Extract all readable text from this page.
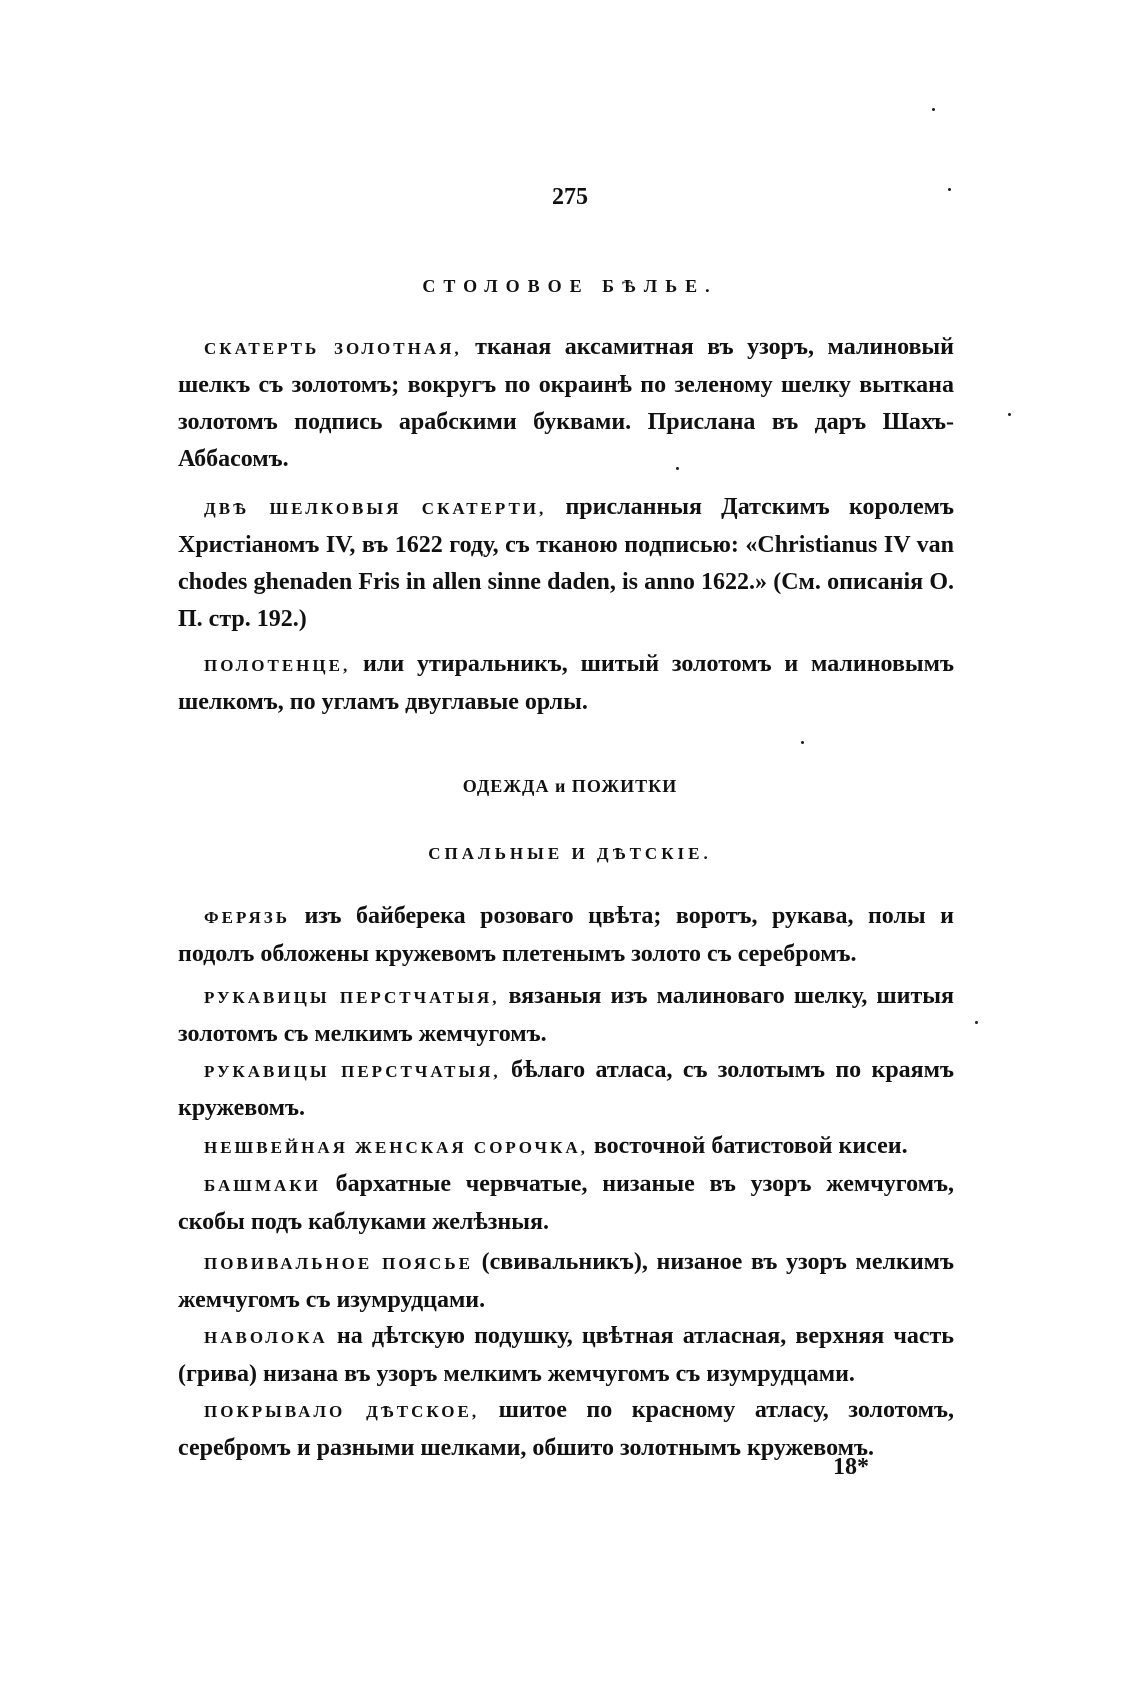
275
СТОЛОВОЕ БѢЛЬЕ.
СКАТЕРТЬ ЗОЛОТНАЯ, тканая аксамитная въ узоръ, малиновый шелкъ съ золотомъ; вокругъ по окраинѣ по зеленому шелку выткана золотомъ подпись арабскими буквами. Прислана въ даръ Шахъ-Аббасомъ.
ДВѢ ШЕЛКОВЫЯ СКАТЕРТИ, присланныя Датскимъ королемъ Христіаномъ IV, въ 1622 году, съ тканою подписью: «Christianus IV van chodes ghenaden Fris in allen sinne daden, is anno 1622.» (См. описанія О. П. стр. 192.)
ПОЛОТЕНЦЕ, или утиральникъ, шитый золотомъ и малиновымъ шелкомъ, по угламъ двуглавые орлы.
ОДЕЖДА и ПОЖИТКИ
СПАЛЬНЫЕ И ДѢТСКІЕ.
ФЕРЯЗЬ изъ байберека розоваго цвѣта; воротъ, рукава, полы и подолъ обложены кружевомъ плетенымъ золото съ серебромъ.
РУКАВИЦЫ ПЕРСТЧАТЫЯ, вязаныя изъ малиноваго шелку, шитыя золотомъ съ мелкимъ жемчугомъ.
РУКАВИЦЫ ПЕРСТЧАТЫЯ, бѣлаго атласа, съ золотымъ по краямъ кружевомъ.
НЕШВЕЙНАЯ ЖЕНСКАЯ СОРОЧКА, восточной батистовой кисеи.
БАШМАКИ бархатные червчатые, низаные въ узоръ жемчугомъ, скобы подъ каблуками желѣзныя.
ПОВИВАЛЬНОЕ ПОЯСЬЕ (свивальникъ), низаное въ узоръ мелкимъ жемчугомъ съ изумрудцами.
НАВОЛОКА на дѣтскую подушку, цвѣтная атласная, верхняя часть (грива) низана въ узоръ мелкимъ жемчугомъ съ изумрудцами.
ПОКРЫВАЛО ДѢТСКОЕ, шитое по красному атласу, золотомъ, серебромъ и разными шелками, обшито золотнымъ кружевомъ.
18*
